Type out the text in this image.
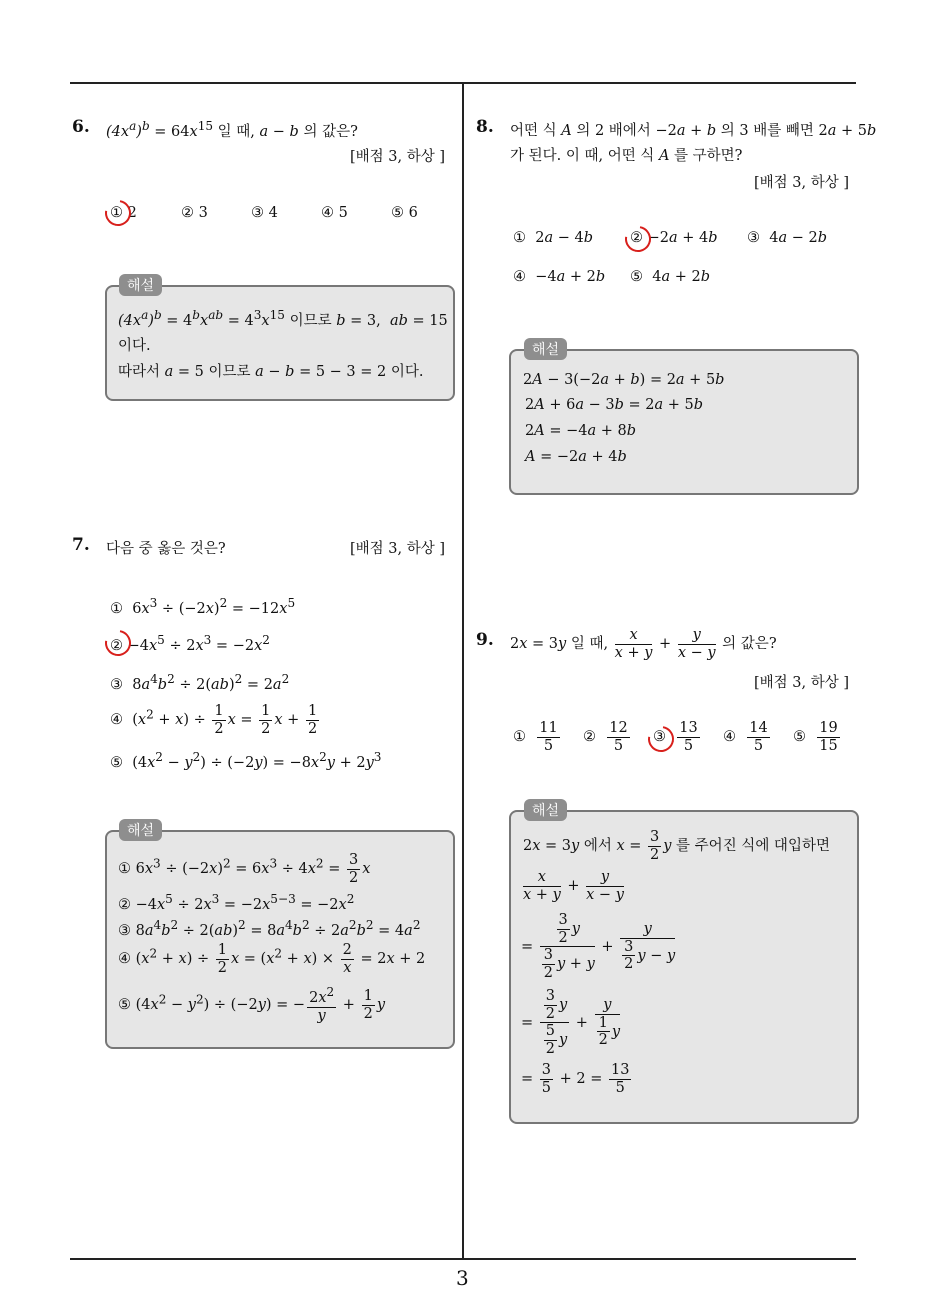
3
6. $(4x^a)^b = 64x^{15}$ 일 때, a − b 의 값은?
[배점 3, 하상 ]
① 2	② 3	③ 4	④ 5	⑤ 6
해설
$(4x^a)^b = 4^bx^{ab} = 4^3x^{15}$ 이므로 b = 3,  ab = 15
이다.
따라서 a = 5 이므로 a − b = 5 − 3 = 2 이다.
7. 다음 중 옳은 것은?	[배점 3, 하상 ]
①  $6x^3 \div (-2x)^2 = -12x^5$
② $-4x^5 \div 2x^3 = -2x^2$
③  $8a^4b^2 \div 2(ab)^2 = 2a^2$
④  $(x^2 + x) \div \frac{1}{2}$ $x = \frac{1}{2}$ $x + \frac{1}{2}$
⑤  $(4x^2 - y^2) \div (-2y) = -8x^2y + 2y^3$
해설
① $6x^3 \div (-2x)^2 = 6x^3 \div 4x^2 = \frac{3}{2}$ x
② $-4x^5 \div 2x^3 = -2x^{5-3} = -2x^2$
③ $8a^4b^2 \div 2(ab)^2 = 8a^4b^2 \div 2a^2b^2 = 4a^2$
④ $(x^2 + x) \div \frac{1}{2}$ $x = (x^2 + x) \times \frac{2}{x} = 2x + 2$
⑤ $(4x^2 - y^2) \div (-2y)$ = − $\frac{2x^2}{y} + \frac{1}{2}$ y
8. 어떤 식 A 의 2 배에서 −2a + b 의 3 배를 빼면 2a + 5b
가 된다. 이 때, 어떤 식 A 를 구하면?
[배점 3, 하상 ]
①  2a − 4b	② −2a + 4b ③  4a − 2b
④  −4a + 2b ⑤  4a + 2b
해설
2A − 3(−2a + b) = 2a + 5b
2A + 6a − 3b = 2a + 5b
2A = −4a + 8b
A = −2a + 4b
9. 2x = 3y 일 때, $\frac{x}{x + y} + \frac{y}{x - y}$ 의 값은?
[배점 3, 하상 ]
① $\frac{11}{5}$ ② $\frac{12}{5}$ ③ $\frac{13}{5}$ ④ $\frac{14}{5}$ ⑤ $\frac{19}{15}$
해설
2x = 3y 에서 $x = \frac{3}{2}$ y 를 주어진 식에 대입하면
$\frac{x}{x + y} + \frac{y}{x - y}$
= $\frac{\frac{3}{2} y}{\frac{3}{2} y + y} + \frac{y}{\frac{3}{2} y - y}$
= $\frac{\frac{3}{2} y}{\frac{5}{2} y} + \frac{y}{\frac{1}{2} y}$
= $\frac{3}{5} + 2 = \frac{13}{5}$
